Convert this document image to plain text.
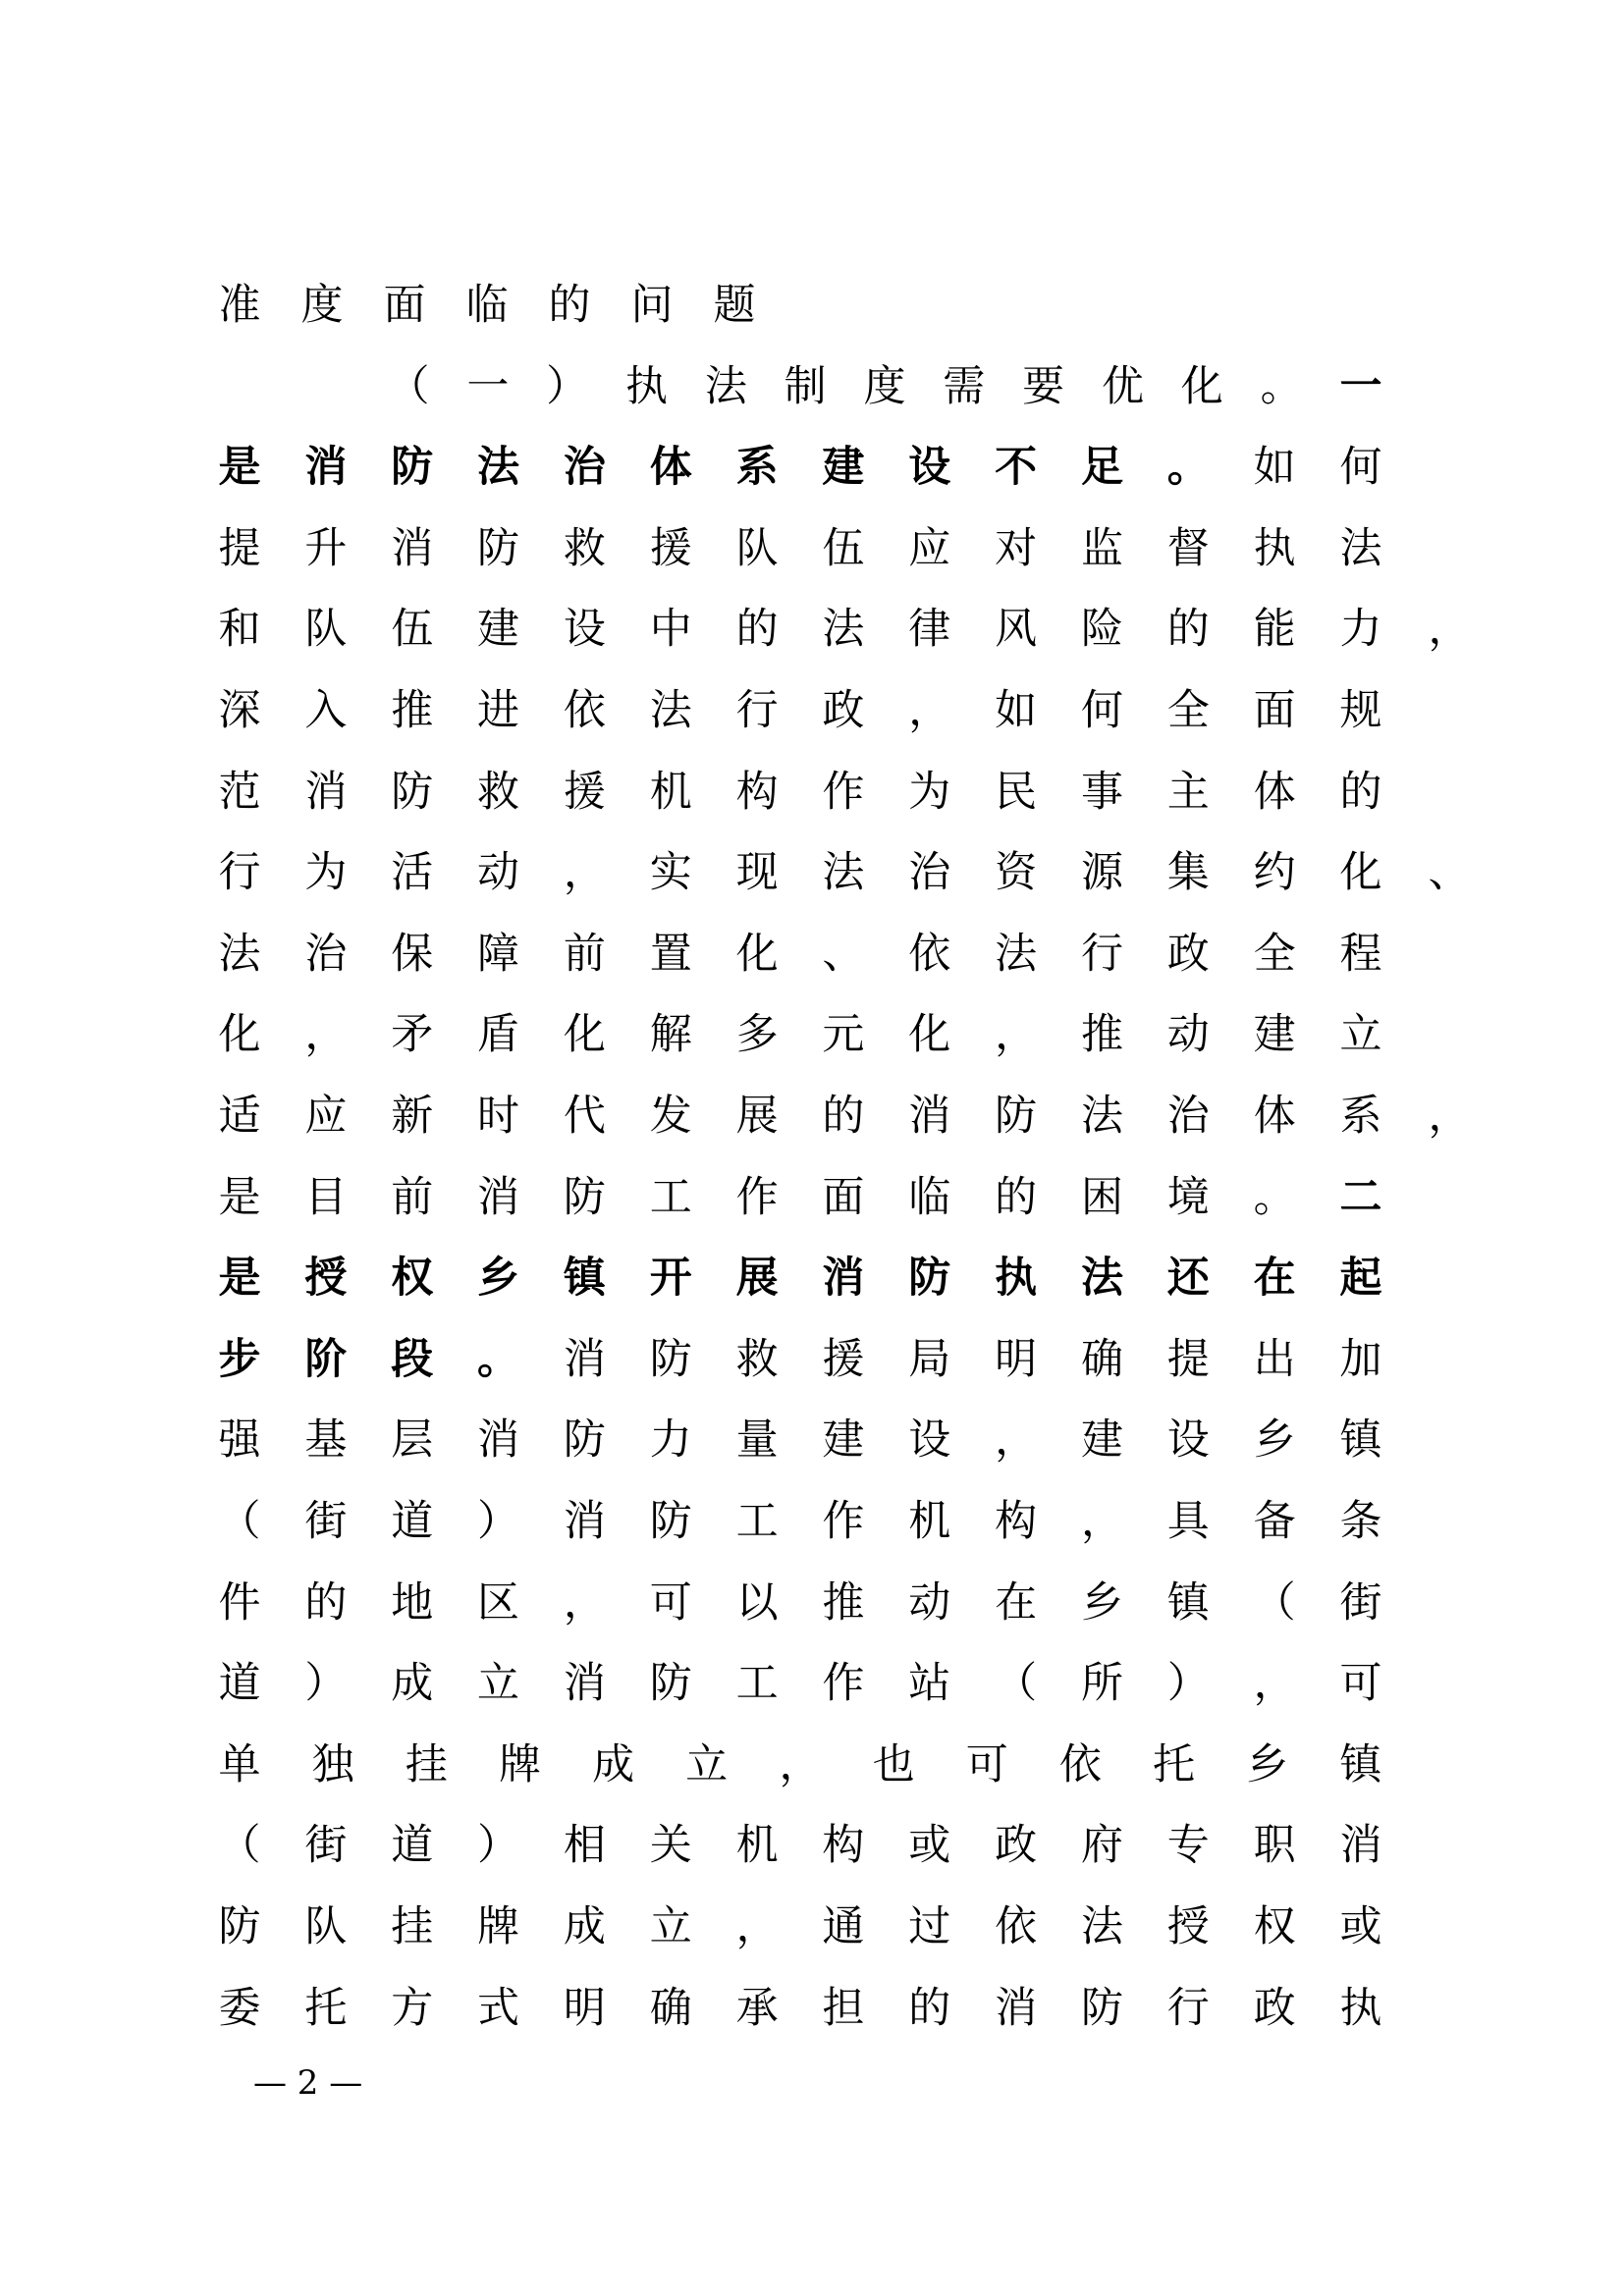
准 度 面 临 的 问 题
（ 一 ） 执 法 制 度 需 要 优 化 。 一
是 消 防 法 治 体 系 建 设 不 足 。 如 何
提 升 消 防 救 援 队 伍 应 对 监 督 执 法
和 队 伍 建 设 中 的 法 律 风 险 的 能 力 ，
深 入 推 进 依 法 行 政 ， 如 何 全 面 规
范 消 防 救 援 机 构 作 为 民 事 主 体 的
行 为 活 动 ， 实 现 法 治 资 源 集 约 化 、
法 治 保 障 前 置 化 、 依 法 行 政 全 程
化 ， 矛 盾 化 解 多 元 化 ， 推 动 建 立
适 应 新 时 代 发 展 的 消 防 法 治 体 系 ，
是 目 前 消 防 工 作 面 临 的 困 境 。 二
是 授 权 乡 镇 开 展 消 防 执 法 还 在 起
步 阶 段 。 消 防 救 援 局 明 确 提 出 加
强 基 层 消 防 力 量 建 设 ， 建 设 乡 镇
（ 街 道 ） 消 防 工 作 机 构 ， 具 备 条
件 的 地 区 ， 可 以 推 动 在 乡 镇 （ 街
道 ） 成 立 消 防 工 作 站 （ 所 ） ， 可
单 独 挂 牌 成 立 ， 也 可 依 托 乡 镇
（ 街 道 ） 相 关 机 构 或 政 府 专 职 消
防 队 挂 牌 成 立 ， 通 过 依 法 授 权 或
委 托 方 式 明 确 承 担 的 消 防 行 政 执
— 2 —
